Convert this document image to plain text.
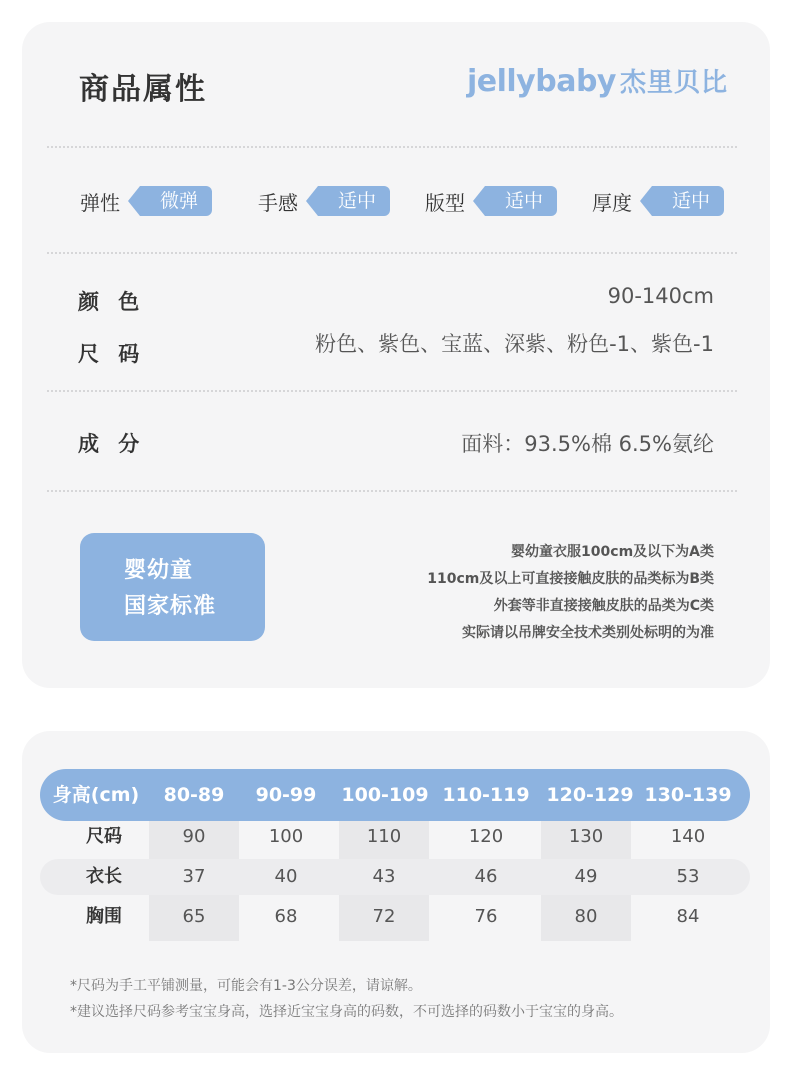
商品属性	jellybaby 杰里贝比
弹性	微弹	手感	适中	版型	适中	厚度	适中
颜 色	90-140cm
尺 码	粉色、紫色、宝蓝、深紫、粉色-1、紫色-1
成 分	面料：93.5%棉 6.5%氨纶
婴幼童
国家标准
婴幼童衣服100cm及以下为A类
110cm及以上可直接接触皮肤的品类标为B类
外套等非直接接触皮肤的品类为C类
实际请以吊牌安全技术类别处标明的为准
身高(cm)	80-89	90-99	100-109 110-119 120-129 130-139
尺码	90	100	110	120	130	140
衣长	37	40	43	46	49	53
胸围	65	68	72	76	80	84
*尺码为手工平铺测量，可能会有1-3公分误差，请谅解。
*建议选择尺码参考宝宝身高，选择近宝宝身高的码数，不可选择的码数小于宝宝的身高。
